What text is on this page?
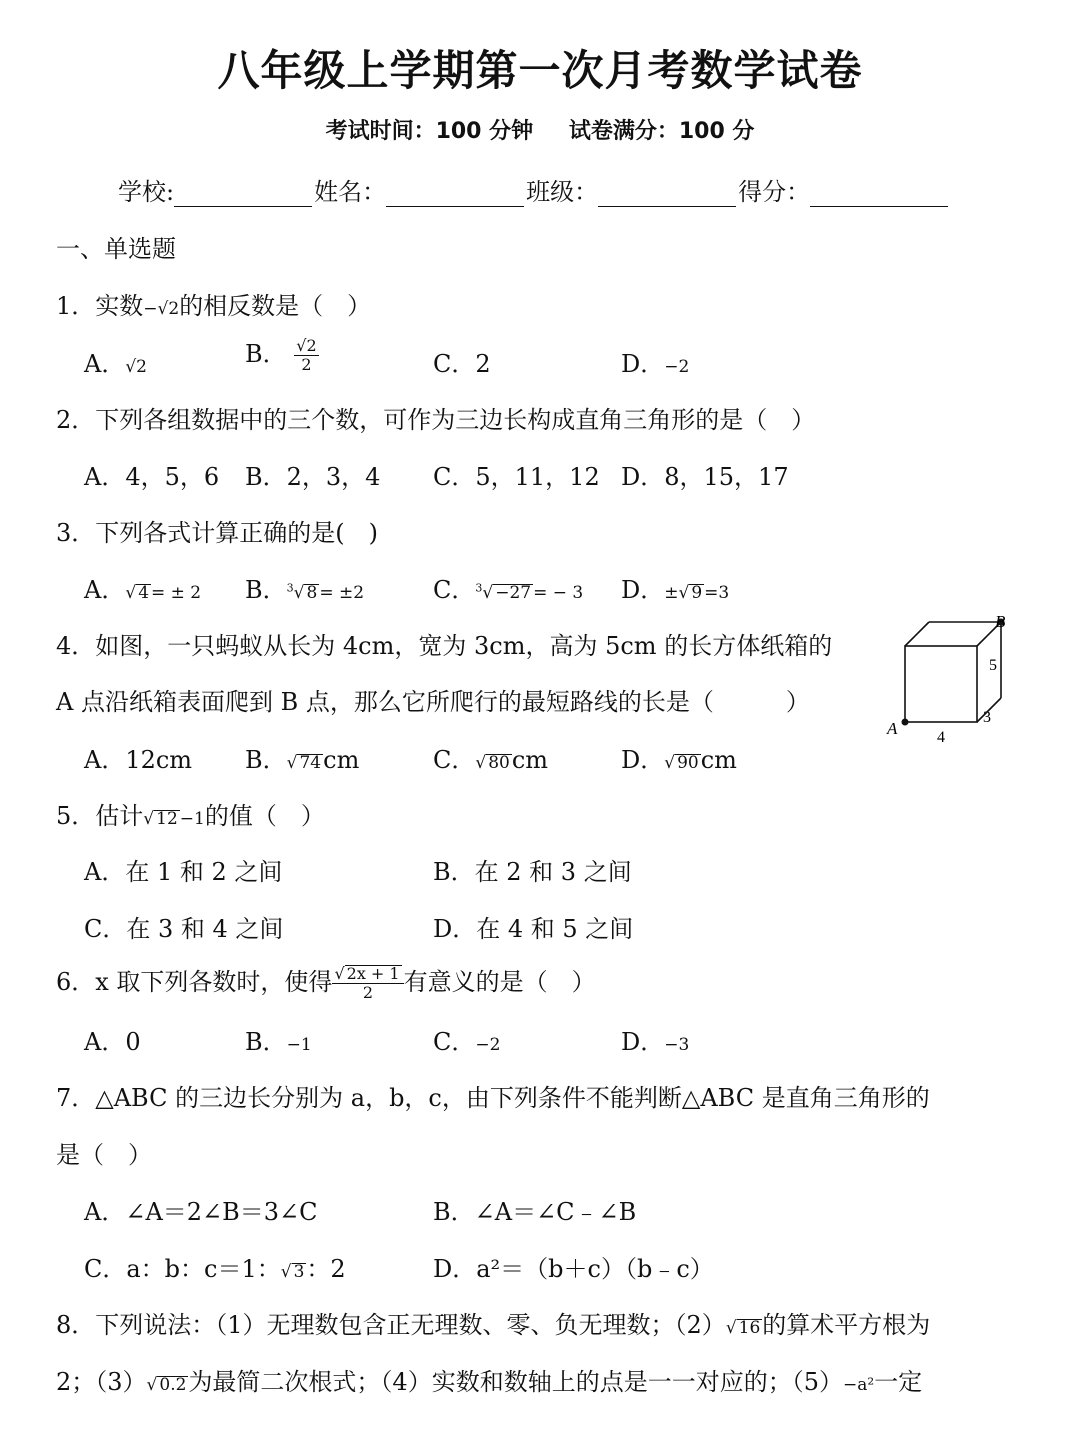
八年级上学期第一次月考数学试卷
考试时间：100 分钟 试卷满分：100 分
学校:	姓名：	班级：	得分：
一、单选题
1．实数−√2的相反数是（　）
A．√2	B． $\frac{√2}{2}$	C．2	D．−2
2．下列各组数据中的三个数，可作为三边长构成直角三角形的是（　）
A．4，5，6 B．2，3，4 C．5，11，12 D．8，15，17
3．下列各式计算正确的是(　)
A．√ 4 = ± 2 B．$^3$√ 8 = ±2	C．$^3$√ −27 = − 3 D．±√ 9 =3
4．如图，一只蚂蚁从长为 4cm，宽为 3cm，高为 5cm 的长方体纸箱的
A 点沿纸箱表面爬到 B 点，那么它所爬行的最短路线的长是（　　　）
A．12cm B．√ 74cm	C．√ 80cm	D．√ 90cm
A
B
5
3
4
5．估计√ 12 −1的值（　）
A．在 1 和 2 之间	B．在 2 和 3 之间
C．在 3 和 4 之间	D．在 4 和 5 之间
6．x 取下列各数时，使得 $\frac{√ 2x + 1}{2}$ 有意义的是（　）
A．0	B．−1	C．−2	D．−3
7．△ABC 的三边长分别为 a，b，c，由下列条件不能判断△ABC 是直角三角形的
是（　）
A．∠A＝2∠B＝3∠C	B．∠A＝∠C﹣∠B
C．a：b：c＝1：√ 3：2	D．a²＝（b＋c）（b﹣c）
8．下列说法：（1）无理数包含正无理数、零、负无理数；（2）√ 16的算术平方根为
2；（3）√ 0.2为最简二次根式；（4）实数和数轴上的点是一一对应的；（5）−a²一定
